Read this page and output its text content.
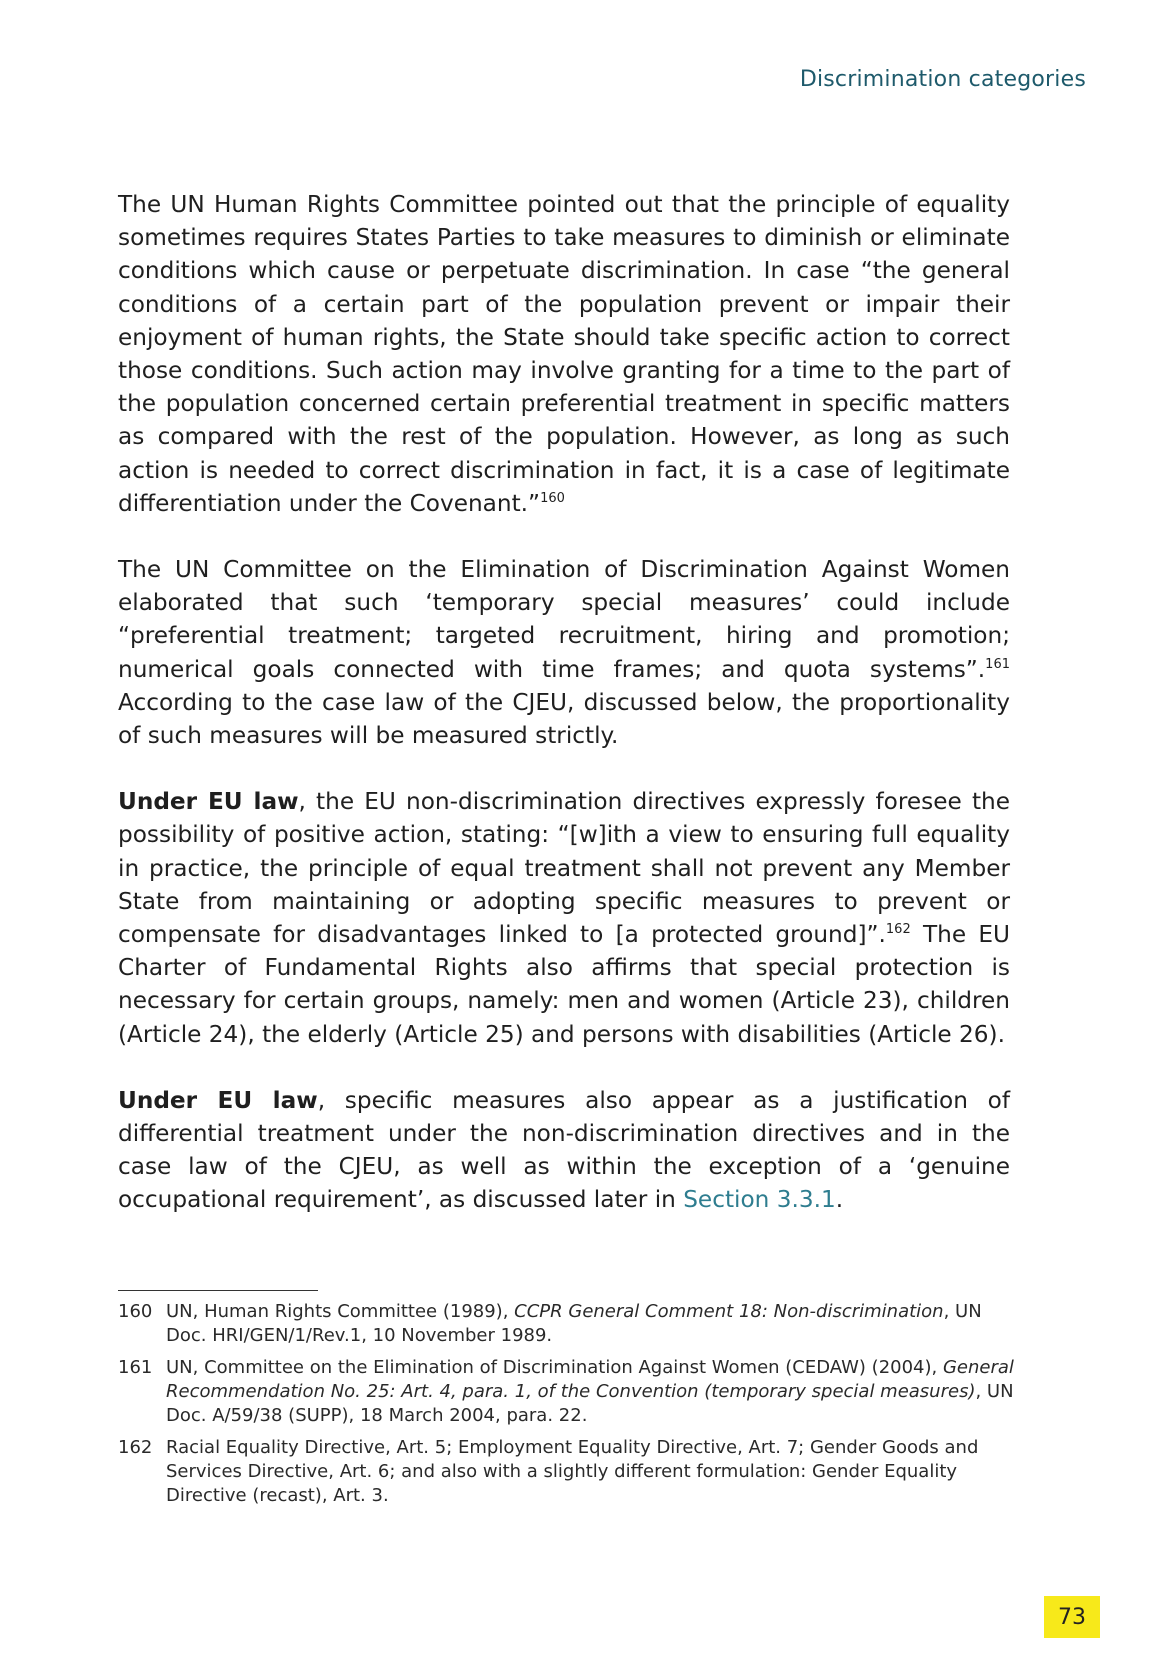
Discrimination categories

The UN Human Rights Committee pointed out that the principle of equality sometimes requires States Parties to take measures to diminish or eliminate conditions which cause or perpetuate discrimination. In case “the general conditions of a certain part of the population prevent or impair their enjoyment of human rights, the State should take specific action to correct those conditions. Such action may involve granting for a time to the part of the population concerned certain preferential treatment in specific matters as compared with the rest of the population. However, as long as such action is needed to correct discrimination in fact, it is a case of legitimate differentiation under the Covenant.”$^{160}$

The UN Committee on the Elimination of Discrimination Against Women elaborated that such ‘temporary special measures’ could include “preferential treatment; targeted recruitment, hiring and promotion; numerical goals connected with time frames; and quota systems”.$^{161}$ According to the case law of the CJEU, discussed below, the proportionality of such measures will be measured strictly.

Under EU law, the EU non-discrimination directives expressly foresee the possibility of positive action, stating: “[w]ith a view to ensuring full equality in practice, the principle of equal treatment shall not prevent any Member State from maintaining or adopting specific measures to prevent or compensate for disadvantages linked to [a protected ground]”.$^{162}$ The EU Charter of Fundamental Rights also affirms that special protection is necessary for certain groups, namely: men and women (Article 23), children (Article 24), the elderly (Article 25) and persons with disabilities (Article 26).

Under EU law, specific measures also appear as a justification of differential treatment under the non-discrimination directives and in the case law of the CJEU, as well as within the exception of a ‘genuine occupational requirement’, as discussed later in Section 3.3.1.

160 UN, Human Rights Committee (1989), CCPR General Comment 18: Non-discrimination, UN Doc. HRI/GEN/1/Rev.1, 10 November 1989.
161 UN, Committee on the Elimination of Discrimination Against Women (CEDAW) (2004), General Recommendation No. 25: Art. 4, para. 1, of the Convention (temporary special measures), UN Doc. A/59/38 (SUPP), 18 March 2004, para. 22.
162 Racial Equality Directive, Art. 5; Employment Equality Directive, Art. 7; Gender Goods and Services Directive, Art. 6; and also with a slightly different formulation: Gender Equality Directive (recast), Art. 3.
73
